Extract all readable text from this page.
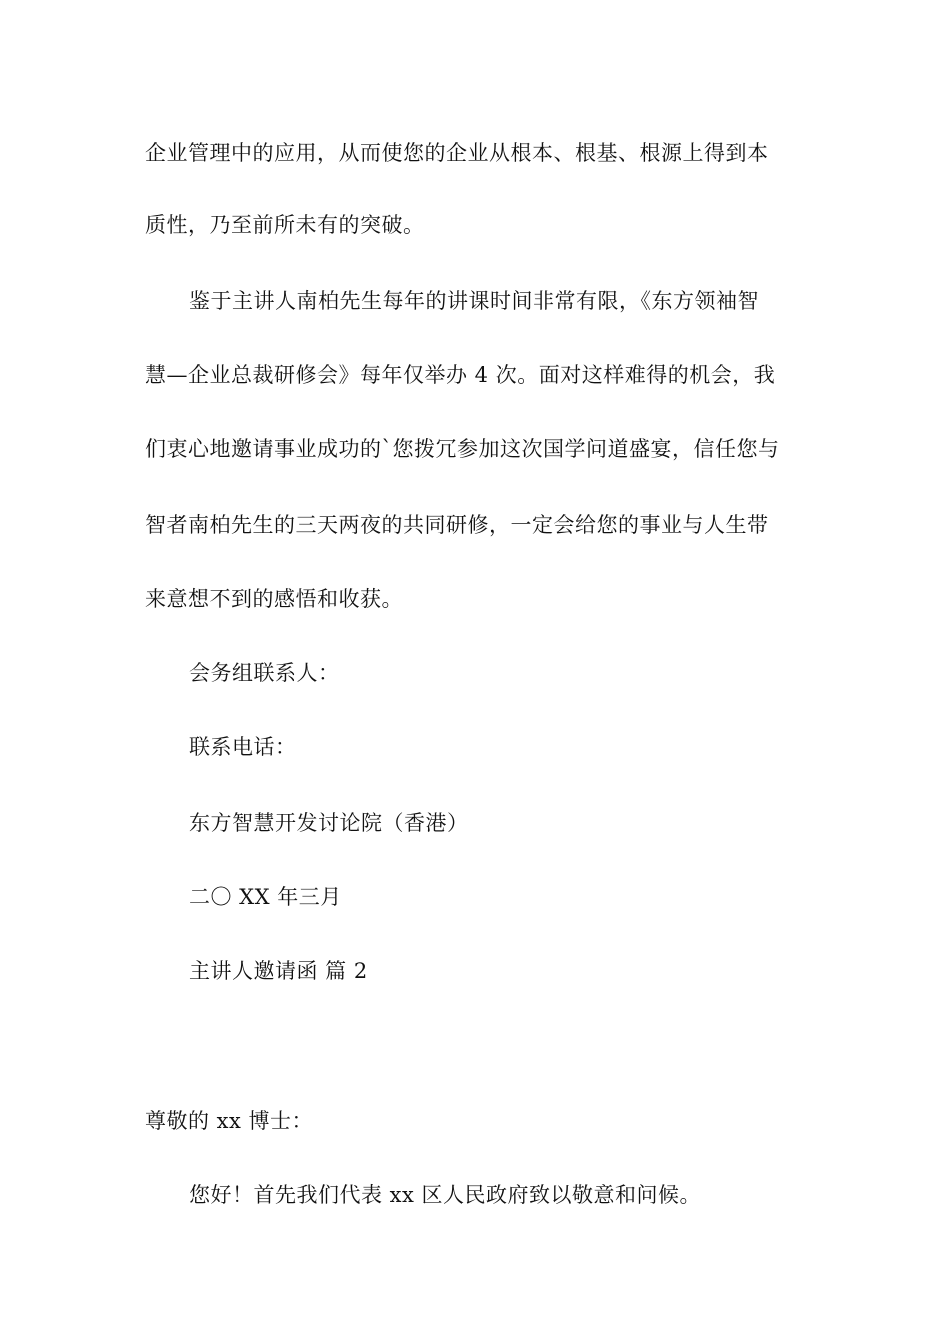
企业管理中的应用，从而使您的企业从根本、根基、根源上得到本
质性，乃至前所未有的突破。
鉴于主讲人南柏先生每年的讲课时间非常有限，《东方领袖智
慧—企业总裁研修会》每年仅举办 4 次。面对这样难得的机会，我
们衷心地邀请事业成功的`您拨冗参加这次国学问道盛宴，信任您与
智者南柏先生的三天两夜的共同研修，一定会给您的事业与人生带
来意想不到的感悟和收获。
会务组联系人：
联系电话：
东方智慧开发讨论院（香港）
二〇 XX 年三月
主讲人邀请函 篇 2
尊敬的 xx 博士：
您好！首先我们代表 xx 区人民政府致以敬意和问候。
